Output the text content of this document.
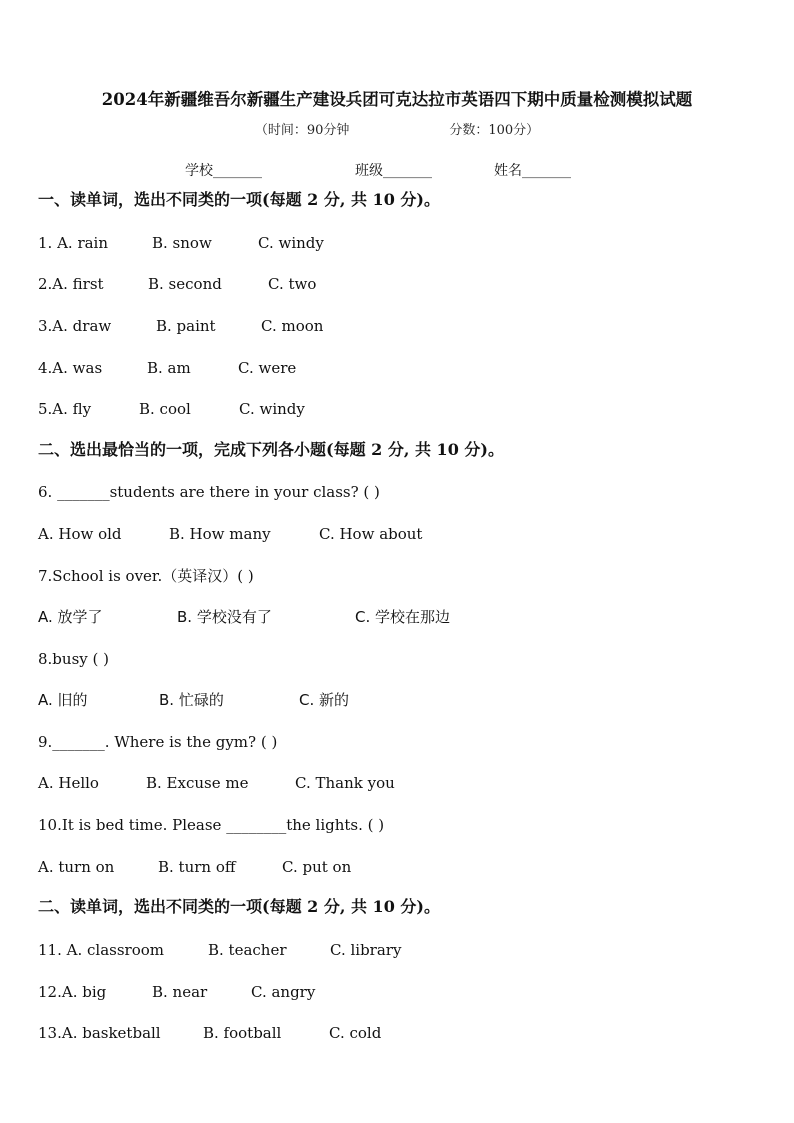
2024年新疆维吾尔新疆生产建设兵团可克达拉市英语四下期中质量检测模拟试题
（时间：90分钟	分数：100分）
学校_______	班级_______	姓名_______
一、读单词，选出不同类的一项(每题 2 分, 共 10 分)。
1. A. rain	B. snow	C. windy
2.A. first	B. second	C. two
3.A. draw	B. paint	C. moon
4.A. was	B. am	C. were
5.A. fly	B. cool	C. windy
二、选出最恰当的一项，完成下列各小题(每题 2 分, 共 10 分)。
6. _______students are there in your class? ( )
A. How old	B. How many	C. How about
7.School is over.（英译汉）( )
A. 放学了	B. 学校没有了	C. 学校在那边
8.busy ( )
A. 旧的	B. 忙碌的	C. 新的
9._______. Where is the gym? ( )
A. Hello	B. Excuse me	C. Thank you
10.It is bed time. Please ________the lights. ( )
A. turn on	B. turn off	C. put on
二、读单词，选出不同类的一项(每题 2 分, 共 10 分)。
11. A. classroom	B. teacher	C. library
12.A. big	B. near	C. angry
13.A. basketball	B. football	C. cold
